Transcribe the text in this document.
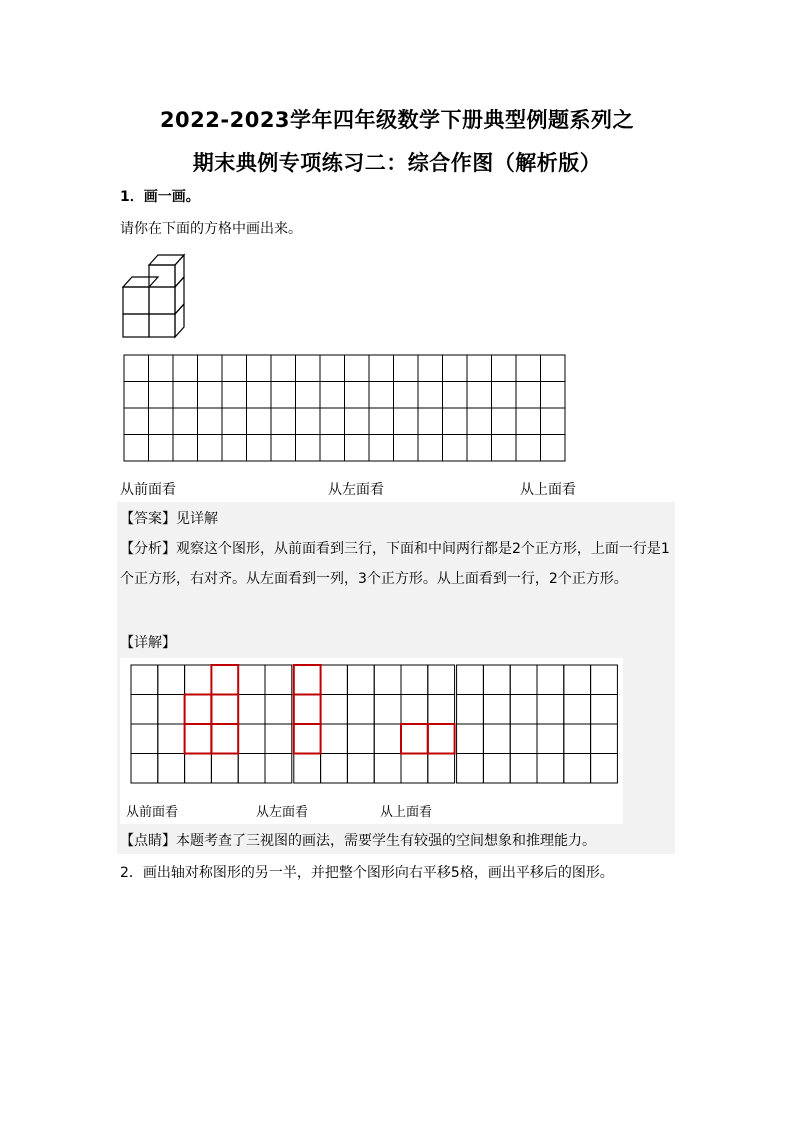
2022-2023学年四年级数学下册典型例题系列之
期末典例专项练习二：综合作图（解析版）

1．画一画。

请你在下面的方格中画出来。

从前面看	从左面看	从上面看

【答案】见详解

【分析】观察这个图形，从前面看到三行，下面和中间两行都是2个正方形，上面一行是1个正方形，右对齐。从左面看到一列，3个正方形。从上面看到一行，2个正方形。

【详解】

从前面看	从左面看	从上面看

【点睛】本题考查了三视图的画法，需要学生有较强的空间想象和推理能力。

2．画出轴对称图形的另一半，并把整个图形向右平移5格，画出平移后的图形。
